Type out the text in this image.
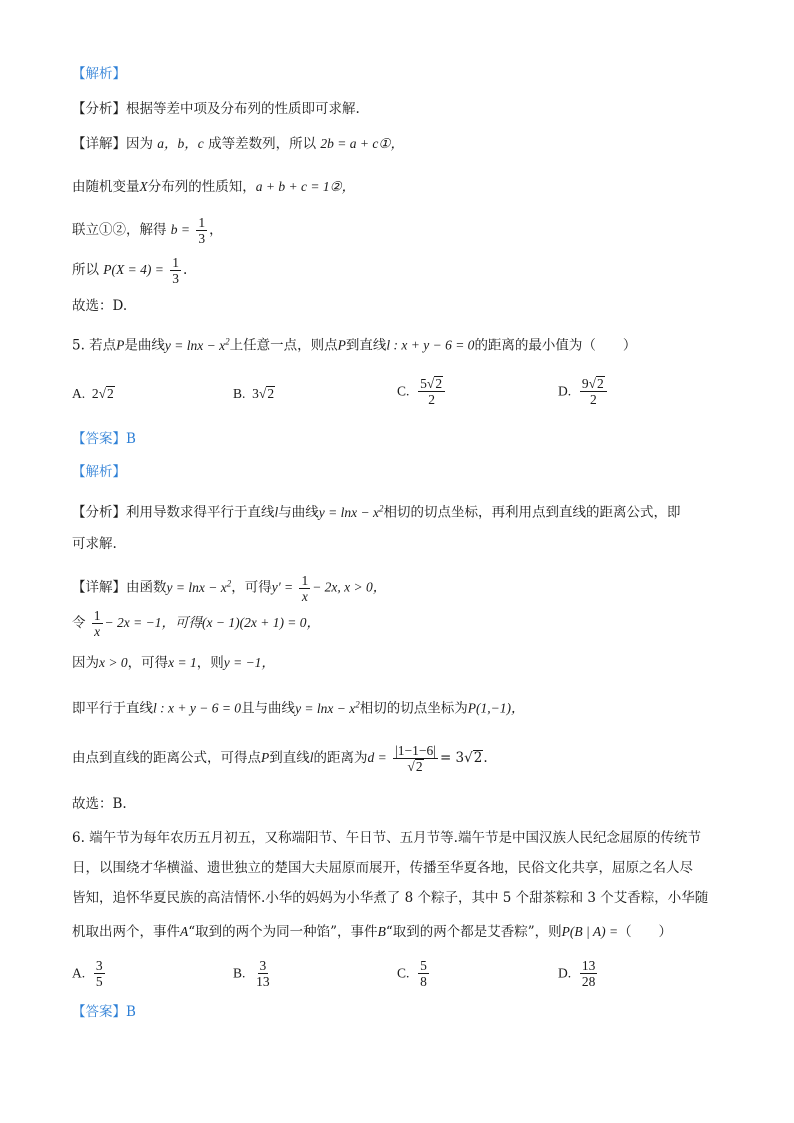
【解析】
【分析】根据等差中项及分布列的性质即可求解.
【详解】因为 a，b，c 成等差数列，所以 2b = a + c①，
由随机变量X分布列的性质知，a + b + c = 1②，
联立①②，解得 $b = \frac{1}{3}$ ，
所以 $P(X = 4) = \frac{1}{3}$ .
故选：D.
5. 若点P是曲线$y = \ln x - x^2$上任意一点，则点P到直线l : x + y − 6 = 0的距离的最小值为（　　）
A. 2√2	B. 3√2	C. $\frac{5√2}{2}$	D. $\frac{9√2}{2}$
【答案】B
【解析】
【分析】利用导数求得平行于直线l与曲线$y = \ln x - x^2$相切的切点坐标，再利用点到直线的距离公式，即
可求解.
【详解】由函数$y = \ln x - x^2$，可得$y' = \frac{1}{x} - 2x$, x > 0，
令 $\frac{1}{x} - 2x = -1$，可得(x − 1)(2x + 1) = 0，
因为x > 0，可得x = 1，则y = −1，
即平行于直线l : x + y − 6 = 0且与曲线$y = \ln x - x^2$相切的切点坐标为P(1,−1)，
由点到直线的距离公式，可得点P到直线l的距离为$d = \frac{|1-1-6|}{√2} = 3√2$.
故选：B.
6. 端午节为每年农历五月初五，又称端阳节、午日节、五月节等.端午节是中国汉族人民纪念屈原的传统节
日，以围绕才华横溢、遗世独立的楚国大夫屈原而展开，传播至华夏各地，民俗文化共享，屈原之名人尽
皆知，追怀华夏民族的高洁情怀.小华的妈妈为小华煮了 8 个粽子，其中 5 个甜茶粽和 3 个艾香粽，小华随
机取出两个，事件A“取到的两个为同一种馅”，事件B“取到的两个都是艾香粽”，则P(B | A) =（　　）
A. $\frac{3}{5}$	B. $\frac{3}{13}$	C. $\frac{5}{8}$	D. $\frac{13}{28}$
【答案】B
